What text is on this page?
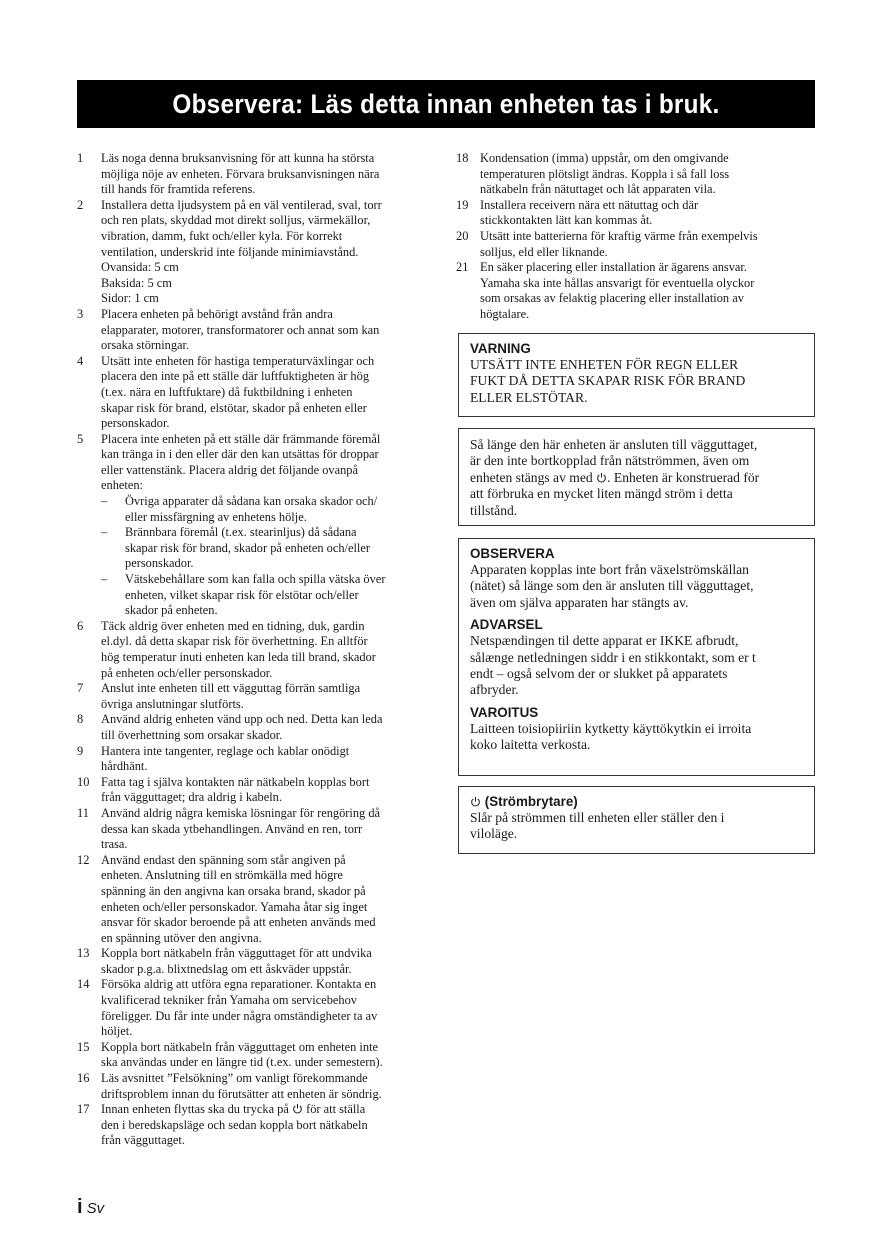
Observera: Läs detta innan enheten tas i bruk.
1	Läs noga denna bruksanvisning för att kunna ha största
möjliga nöje av enheten. Förvara bruksanvisningen nära
till hands för framtida referens.
2	Installera detta ljudsystem på en väl ventilerad, sval, torr
och ren plats, skyddad mot direkt solljus, värmekällor,
vibration, damm, fukt och/eller kyla. För korrekt
ventilation, underskrid inte följande minimiavstånd.
Ovansida: 5 cm
Baksida: 5 cm
Sidor: 1 cm
3	Placera enheten på behörigt avstånd från andra
elapparater, motorer, transformatorer och annat som kan
orsaka störningar.
4	Utsätt inte enheten för hastiga temperaturväxlingar och
placera den inte på ett ställe där luftfuktigheten är hög
(t.ex. nära en luftfuktare) då fuktbildning i enheten
skapar risk för brand, elstötar, skador på enheten eller
personskador.
5	Placera inte enheten på ett ställe där främmande föremål
kan tränga in i den eller där den kan utsättas för droppar
eller vattenstänk. Placera aldrig det följande ovanpå
enheten:
–	Övriga apparater då sådana kan orsaka skador och/
eller missfärgning av enhetens hölje.
–	Brännbara föremål (t.ex. stearinljus) då sådana
skapar risk för brand, skador på enheten och/eller
personskador.
–	Vätskebehållare som kan falla och spilla vätska över
enheten, vilket skapar risk för elstötar och/eller
skador på enheten.
6	Täck aldrig över enheten med en tidning, duk, gardin
el.dyl. då detta skapar risk för överhettning. En alltför
hög temperatur inuti enheten kan leda till brand, skador
på enheten och/eller personskador.
7	Anslut inte enheten till ett vägguttag förrän samtliga
övriga anslutningar slutförts.
8	Använd aldrig enheten vänd upp och ned. Detta kan leda
till överhettning som orsakar skador.
9	Hantera inte tangenter, reglage och kablar onödigt
hårdhänt.
10 Fatta tag i själva kontakten när nätkabeln kopplas bort
från vägguttaget; dra aldrig i kabeln.
11 Använd aldrig några kemiska lösningar för rengöring då
dessa kan skada ytbehandlingen. Använd en ren, torr
trasa.
12 Använd endast den spänning som står angiven på
enheten. Anslutning till en strömkälla med högre
spänning än den angivna kan orsaka brand, skador på
enheten och/eller personskador. Yamaha åtar sig inget
ansvar för skador beroende på att enheten används med
en spänning utöver den angivna.
13 Koppla bort nätkabeln från vägguttaget för att undvika
skador p.g.a. blixtnedslag om ett åskväder uppstår.
14 Försöka aldrig att utföra egna reparationer. Kontakta en
kvalificerad tekniker från Yamaha om servicebehov
föreligger. Du får inte under några omständigheter ta av
höljet.
15 Koppla bort nätkabeln från vägguttaget om enheten inte
ska användas under en längre tid (t.ex. under semestern).
16 Läs avsnittet ”Felsökning” om vanligt förekommande
driftsproblem innan du förutsätter att enheten är söndrig.
17 Innan enheten flyttas ska du trycka på för att ställa
den i beredskapsläge och sedan koppla bort nätkabeln
från vägguttaget.
18 Kondensation (imma) uppstår, om den omgivande
temperaturen plötsligt ändras. Koppla i så fall loss
nätkabeln från nätuttaget och låt apparaten vila.
19 Installera receivern nära ett nätuttag och där
stickkontakten lätt kan kommas åt.
20 Utsätt inte batterierna för kraftig värme från exempelvis
solljus, eld eller liknande.
21 En säker placering eller installation är ägarens ansvar.
Yamaha ska inte hållas ansvarigt för eventuella olyckor
som orsakas av felaktig placering eller installation av
högtalare.
VARNING

UTSÄTT INTE ENHETEN FÖR REGN ELLER
FUKT DÅ DETTA SKAPAR RISK FÖR BRAND
ELLER ELSTÖTAR.

Så länge den här enheten är ansluten till vägguttaget,
är den inte bortkopplad från nätströmmen, även om
enheten stängs av med . Enheten är konstruerad för
att förbruka en mycket liten mängd ström i detta
tillstånd.

OBSERVERA

Apparaten kopplas inte bort från växelströmskällan
(nätet) så länge som den är ansluten till vägguttaget,
även om själva apparaten har stängts av.

ADVARSEL

Netspændingen til dette apparat er IKKE afbrudt,
sålænge netledningen siddr i en stikkontakt, som er t
endt – også selvom der or slukket på apparatets
afbryder.

VAROITUS

Laitteen toisiopiiriin kytketty käyttökytkin ei irroita
koko laitetta verkosta.

(Strömbrytare)

Slår på strömmen till enheten eller ställer den i
viloläge.

i Sv
